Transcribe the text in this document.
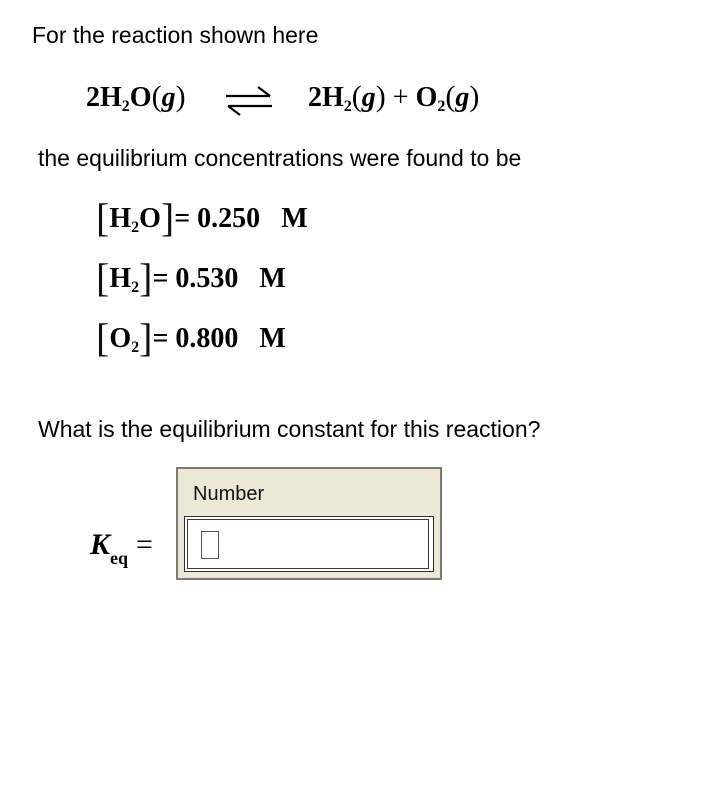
For the reaction shown here
$2H_2O(g)$	$2H_2(g) + O_2(g)$
the equilibrium concentrations were found to be
$[H_2O]= 0.250$ M
$[H_2]= 0.530$ M
$[O_2]= 0.800$ M
What is the equilibrium constant for this reaction?
$K_{eq}$ =
Number
